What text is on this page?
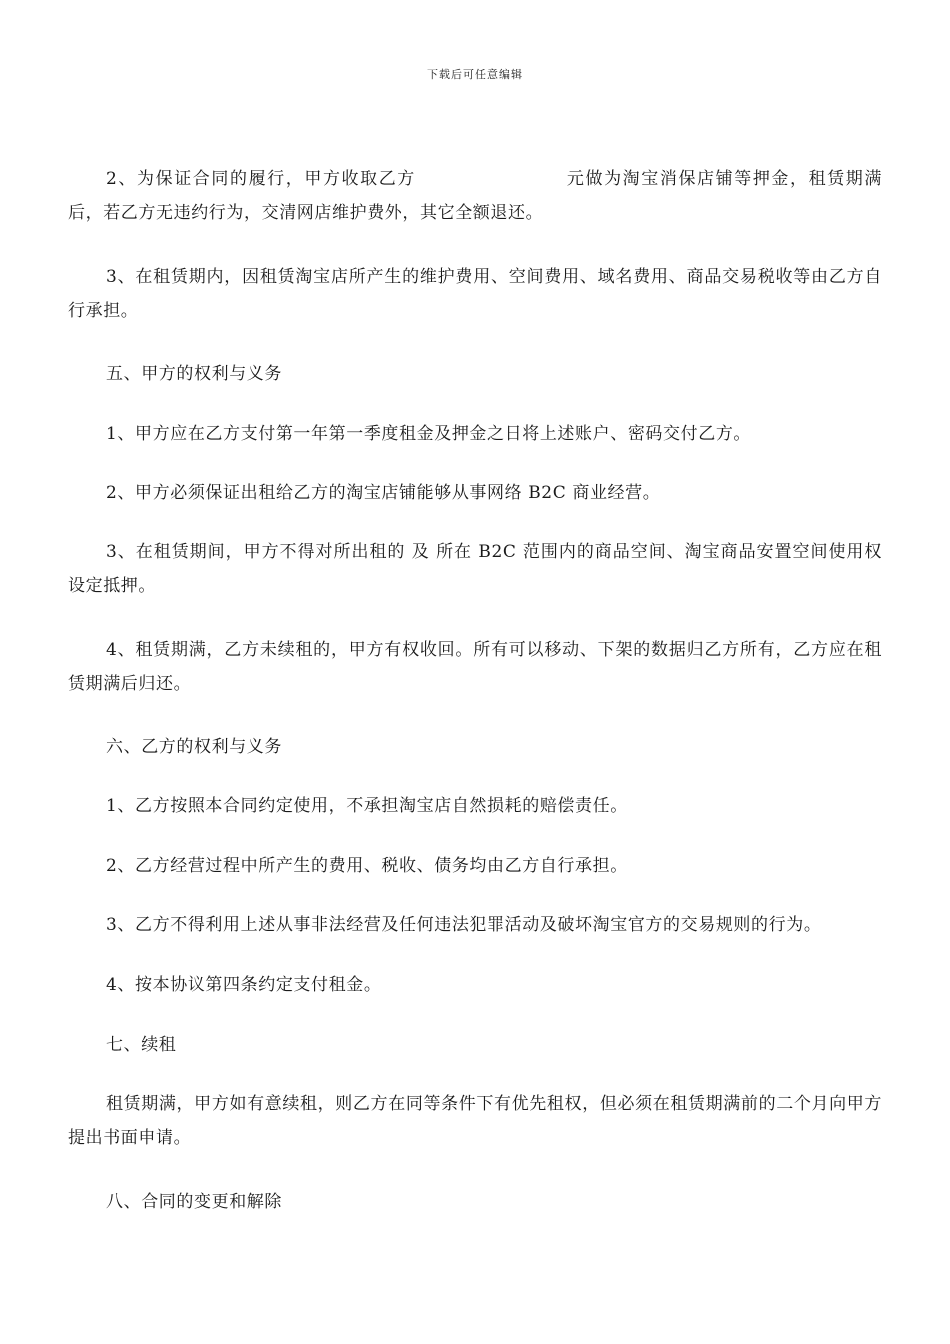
下载后可任意编辑

2、为保证合同的履行，甲方收取乙方	元做为淘宝消保店铺等押金，租赁期满后，若乙方无违约行为，交清网店维护费外，其它全额退还。

3、在租赁期内，因租赁淘宝店所产生的维护费用、空间费用、域名费用、商品交易税收等由乙方自行承担。

五、甲方的权利与义务

1、甲方应在乙方支付第一年第一季度租金及押金之日将上述账户、密码交付乙方。

2、甲方必须保证出租给乙方的淘宝店铺能够从事网络 B2C 商业经营。

3、在租赁期间，甲方不得对所出租的 及 所在 B2C 范围内的商品空间、淘宝商品安置空间使用权设定抵押。

4、租赁期满，乙方未续租的，甲方有权收回。所有可以移动、下架的数据归乙方所有，乙方应在租赁期满后归还。

六、乙方的权利与义务

1、乙方按照本合同约定使用，不承担淘宝店自然损耗的赔偿责任。

2、乙方经营过程中所产生的费用、税收、债务均由乙方自行承担。

3、乙方不得利用上述从事非法经营及任何违法犯罪活动及破坏淘宝官方的交易规则的行为。

4、按本协议第四条约定支付租金。

七、续租

租赁期满，甲方如有意续租，则乙方在同等条件下有优先租权，但必须在租赁期满前的二个月向甲方提出书面申请。

八、合同的变更和解除
